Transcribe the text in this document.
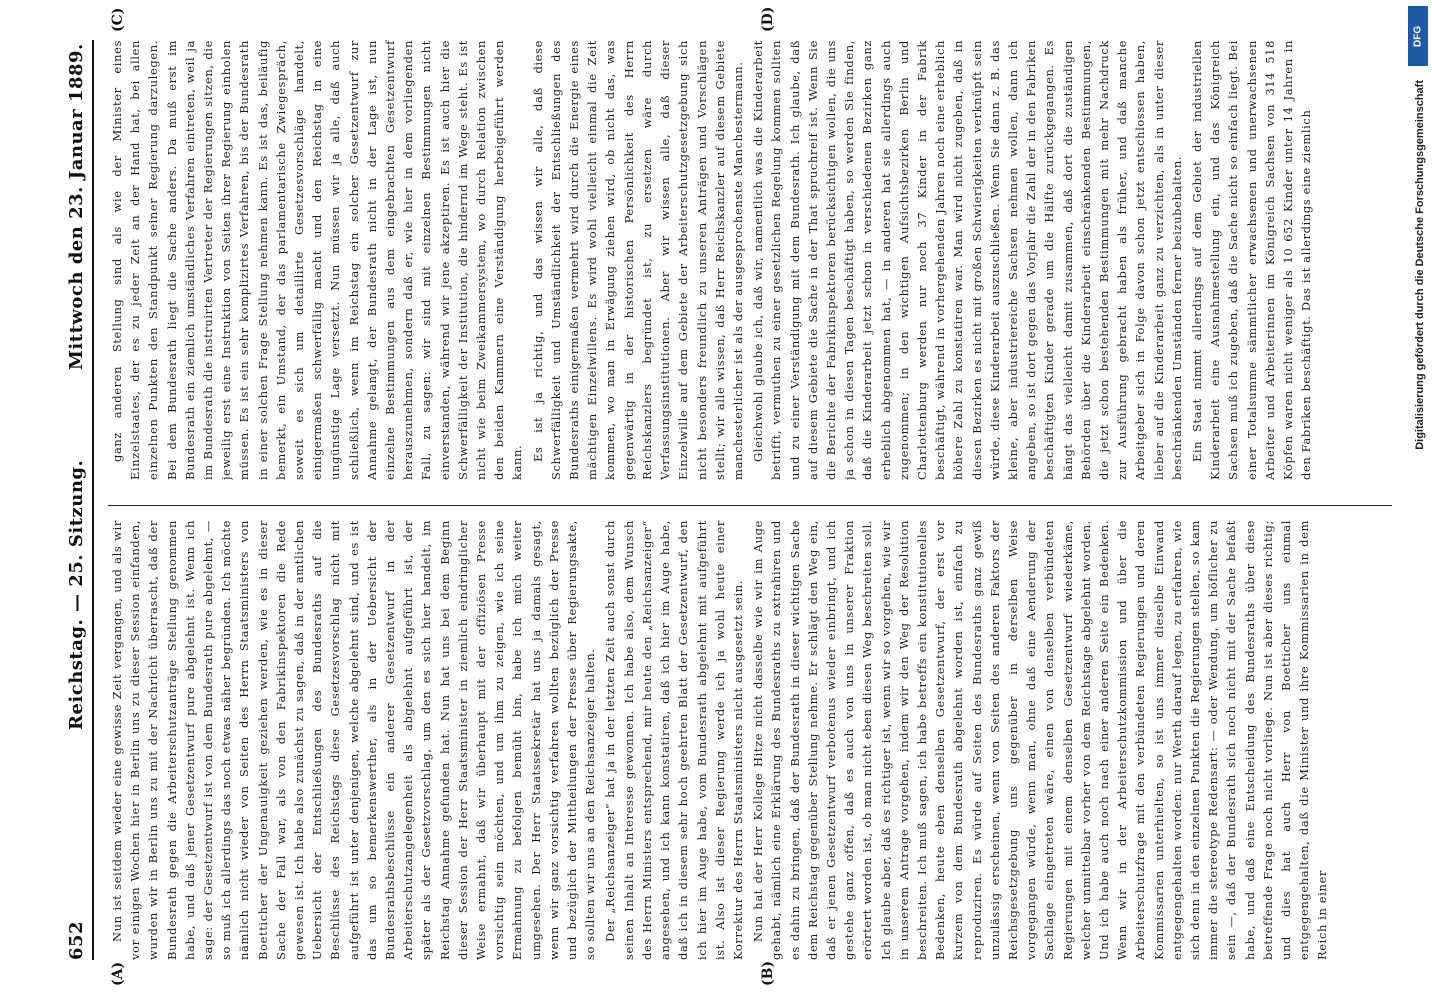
652
Reichstag. — 25. Sitzung.
Mittwoch den 23. Januar 1889.
(A)	(B)
(C)	(D)

Nun ist seitdem wieder eine gewisse Zeit vergangen, und als wir vor einigen Wochen hier in Berlin uns zu dieser Session einfanden, wurden wir in Berlin uns zu mit der Nachricht überrascht, daß der Bundesrath gegen die Arbeiterschutzanträge Stellung genommen habe, und daß jener Gesetzentwurf pure abgelehnt ist. Wenn ich sage: der Gesetzentwurf ist von dem Bundesrath pure abgelehnt, — so muß ich allerdings das noch etwas näher begründen. Ich möchte nämlich nicht wieder von Seiten des Herrn Staatsministers von Boetticher der Ungenauigkeit geziehen werden, wie es in dieser Sache der Fall war, als von den Fabrikinspektoren die Rede gewesen ist. Ich habe also zunächst zu sagen, daß in der amtlichen Uebersicht der Entschließungen des Bundesraths auf die Beschlüsse des Reichstags diese Gesetzesvorschlag nicht mit aufgeführt ist unter denjenigen, welche abgelehnt sind, und es ist das um so bemerkenswerther, als in der Uebersicht der Bundesrathsbeschlüsse ein anderer Gesetzentwurf in der Arbeiterschutzangelegenheit als abgelehnt aufgeführt ist, der später als der Gesetzvorschlag, um den es sich hier handelt, im Reichstag Annahme gefunden hat. Nun hat uns bei dem Beginn dieser Session der Herr Staatsminister in ziemlich eindringlicher Weise ermahnt, daß wir überhaupt mit der offiziösen Presse vorsichtig sein möchten, und um ihm zu zeigen, wie ich seine Ermahnung zu befolgen bemüht bin, habe ich mich weiter umgesehen. Der Herr Staatssekretär hat uns ja damals gesagt, wenn wir ganz vorsichtig verfahren wollten bezüglich der Presse und bezüglich der Mittheilungen der Presse über Regierungsakte, so sollten wir uns an den Reichsanzeiger halten. Der „Reichsanzeiger“ hat ja in der letzten Zeit auch sonst durch seinen Inhalt an Interesse gewonnen. Ich habe also, dem Wunsch des Herrn Ministers entsprechend, mir heute den „Reichsanzeiger“ angesehen, und ich kann konstatiren, daß ich hier im Auge habe, daß ich in diesem sehr hoch geehrten Blatt der Gesetzentwurf, den ich hier im Auge habe, vom Bundesrath abgelehnt mit aufgeführt ist. Also ist dieser Regierung werde ich ja wohl heute einer Korrektur des Herrn Staatsministers nicht ausgesetzt sein. Nun hat der Herr Kollege Hitze nicht dasselbe wie wir im Auge gehabt, nämlich eine Erklärung des Bundesraths zu extrahiren und es dahin zu bringen, daß der Bundesrath in dieser wichtigen Sache dem Reichstag gegenüber Stellung nehme. Er schlägt den Weg ein, daß er jenen Gesetzentwurf verbotenus wieder einbringt, und ich gestehe ganz offen, daß es auch von uns in unserer Fraktion erörtert worden ist, ob man nicht eben diesen Weg beschreiten soll. Ich glaube aber, daß es richtiger ist, wenn wir so vorgehen, wie wir in unserem Antrage vorgehen, indem wir den Weg der Resolution beschreiten. Ich muß sagen, ich habe betreffs ein konstitutionelles Bedenken, heute eben denselben Gesetzentwurf, der erst vor kurzem von dem Bundesrath abgelehnt worden ist, einfach zu reproduziren. Es würde auf Seiten des Bundesraths ganz gewiß unzulässig erscheinen, wenn von Seiten des anderen Faktors der Reichsgesetzgebung uns gegenüber in derselben Weise vorgegangen würde, wenn man, ohne daß eine Aenderung der Sachlage eingetreten wäre, einen von denselben verbündeten Regierungen mit einem denselben Gesetzentwurf wiederkäme, welcher unmittelbar vorher von dem Reichstage abgelehnt worden. Und ich habe auch noch nach einer anderen Seite ein Bedenken. Wenn wir in der Arbeiterschutzkommission und über die Arbeiterschutzfrage mit den verbündeten Regierungen und deren Kommissarien unterhielten, so ist uns immer dieselbe Einwand entgegengehalten worden: nur Werth darauf legen, zu erfahren, wie sich denn in den einzelnen Punkten die Regierungen stellen, so kam immer die stereotype Redensart: — oder Wendung, um höflicher zu sein —, daß der Bundesrath sich noch nicht mit der Sache befaßt habe, und daß eine Entscheidung des Bundesraths über diese betreffende Frage noch nicht vorliege. Nun ist aber dieses richtig; und dies hat auch Herr von Boetticher uns einmal entgegengehalten, daß die Minister und ihre Kommissarien in dem Reich in einer

ganz anderen Stellung sind als wie der Minister eines Einzelstaates, der es zu jeder Zeit an der Hand hat, bei allen einzelnen Punkten den Standpunkt seiner Regierung darzulegen. Bei dem Bundesrath liegt die Sache anders. Da muß erst im Bundesrath ein ziemlich umständliches Verfahren eintreten, weil ja im Bundesrath die instruirten Vertreter der Regierungen sitzen, die jeweilig erst eine Instruktion von Seiten ihrer Regierung einholen müssen. Es ist ein sehr komplizirtes Verfahren, bis der Bundesrath in einer solchen Frage Stellung nehmen kann. Es ist das, beiläufig bemerkt, ein Umstand, der das parlamentarische Zwiegespräch, soweit es sich um detaillirte Gesetzesvorschläge handelt, einigermaßen schwerfällig macht und den Reichstag in eine ungünstige Lage versetzt. Nun müssen wir ja alle, daß auch schließlich, wenn im Reichstag ein solcher Gesetzentwurf zur Annahme gelangt, der Bundesrath nicht in der Lage ist, nun einzelne Bestimmungen aus dem eingebrachten Gesetzentwurf herauszunehmen, sondern daß er, wie hier in dem vorliegenden Fall, zu sagen: wir sind mit einzelnen Bestimmungen nicht einverstanden, während wir jene akzeptiren. Es ist auch hier die Schwerfälligkeit der Institution, die hindernd im Wege steht. Es ist nicht wie beim Zweikammersystem, wo durch Relation zwischen den beiden Kammern eine Verständigung herbeigeführt werden kann.

Es ist ja richtig, und das wissen wir alle, daß diese Schwerfälligkeit und Umständlichkeit der Entschließungen des Bundesraths einigermaßen vermehrt wird durch die Energie eines mächtigen Einzelwillens. Es wird wohl vielleicht einmal die Zeit kommen, wo man in Erwägung ziehen wird, ob nicht das, was gegenwärtig in der historischen Persönlichkeit des Herrn Reichskanzlers begründet ist, zu ersetzen wäre durch Verfassungsinstitutionen. Aber wir wissen alle, daß dieser Einzelwille auf dem Gebiete der Arbeiterschutzgesetzgebung sich nicht besonders freundlich zu unseren Anträgen und Vorschlägen stellt; wir alle wissen, daß Herr Reichskanzler auf diesem Gebiete manchesterlicher ist als der ausgesprochenste Manchestermann. Gleichwohl glaube ich, daß wir, namentlich was die Kinderarbeit betrifft, vermuthen zu einer gesetzlichen Regelung kommen sollten und zu einer Verständigung mit dem Bundesrath. Ich glaube, daß auf diesem Gebiete die Sache in der That spruchreif ist. Wenn Sie die Berichte der Fabrikinspektoren berücksichtigen wollen, die uns ja schon in diesen Tagen beschäftigt haben, so werden Sie finden, daß die Kinderarbeit jetzt schon in verschiedenen Bezirken ganz erheblich abgenommen hat, — in anderen hat sie allerdings auch zugenommen; in den wichtigen Aufsichtsbezirken Berlin und Charlottenburg werden nur noch 37 Kinder in der Fabrik beschäftigt, während in vorhergehenden Jahren noch eine erheblich höhere Zahl zu konstatiren war. Man wird nicht zugeben, daß in diesen Bezirken es nicht mit großen Schwierigkeiten verknüpft sein würde, diese Kinderarbeit auszuschließen. Wenn Sie dann z. B. das kleine, aber industriereiche Sachsen nehmen wollen, dann ich angeben, so ist dort gegen das Vorjahr die Zahl der in den Fabriken beschäftigten Kinder gerade um die Hälfte zurückgegangen. Es hängt das vielleicht damit zusammen, daß dort die zuständigen Behörden über die Kinderarbeit einschränkenden Bestimmungen, die jetzt schon bestehenden Bestimmungen mit mehr Nachdruck zur Ausführung gebracht haben als früher, und daß manche Arbeitgeber sich in Folge davon schon jetzt entschlossen haben, lieber auf die Kinderarbeit ganz zu verzichten, als in unter dieser beschränkenden Umständen ferner beizubehalten. Ein Staat nimmt allerdings auf dem Gebiet der industriellen Kinderarbeit eine Ausnahmestellung ein, und das Königreich Sachsen muß ich zugeben, daß die Sache nicht so einfach liegt. Bei einer Totalsumme sämmtlicher erwachsenen und unerwachsenen Arbeiter und Arbeiterinnen im Königreich Sachsen von 314 518 Köpfen waren nicht weniger als 10 652 Kinder unter 14 Jahren in den Fabriken beschäftigt. Das ist allerdings eine ziemlich

DFG
Digitalisierung gefördert durch die Deutsche Forschungsgemeinschaft
